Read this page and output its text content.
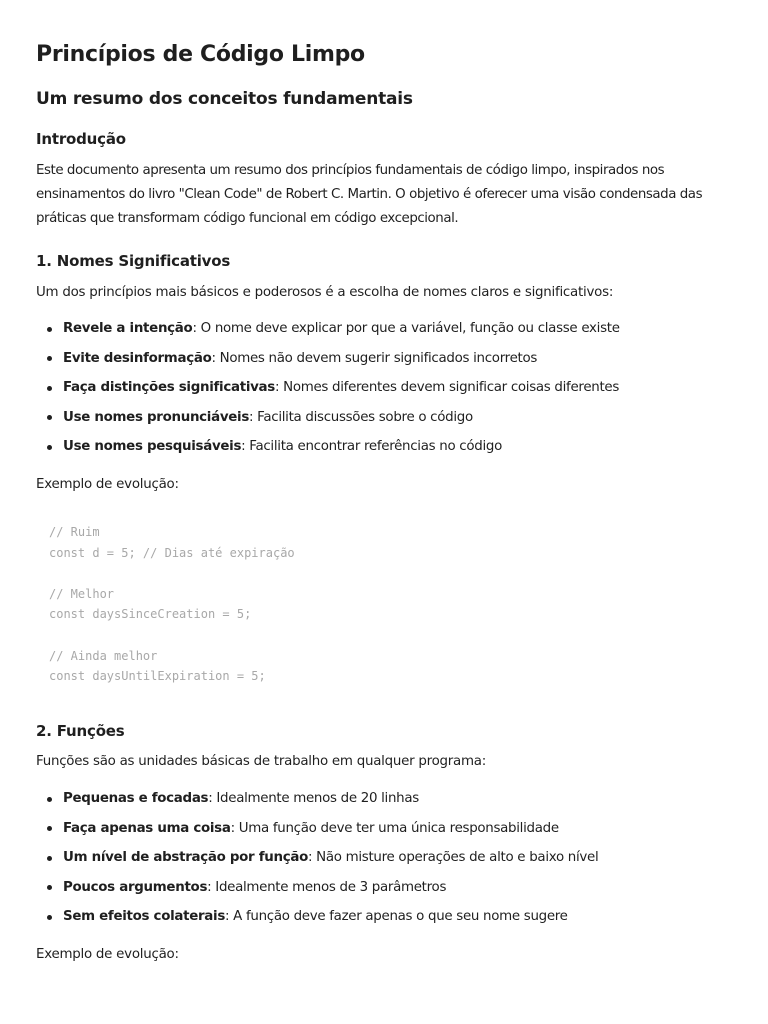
Princípios de Código Limpo
Um resumo dos conceitos fundamentais
Introdução

Este documento apresenta um resumo dos princípios fundamentais de código limpo, inspirados nos ensinamentos do livro "Clean Code" de Robert C. Martin. O objetivo é oferecer uma visão condensada das práticas que transformam código funcional em código excepcional.

1. Nomes Significativos

Um dos princípios mais básicos e poderosos é a escolha de nomes claros e significativos:

Revele a intenção: O nome deve explicar por que a variável, função ou classe existe
Evite desinformação: Nomes não devem sugerir significados incorretos
Faça distinções significativas: Nomes diferentes devem significar coisas diferentes
Use nomes pronunciáveis: Facilita discussões sobre o código
Use nomes pesquisáveis: Facilita encontrar referências no código

Exemplo de evolução:

// Ruim
const d = 5; // Dias até expiração
// Melhor
const daysSinceCreation = 5;
// Ainda melhor
const daysUntilExpiration = 5;
2. Funções

Funções são as unidades básicas de trabalho em qualquer programa:

Pequenas e focadas: Idealmente menos de 20 linhas
Faça apenas uma coisa: Uma função deve ter uma única responsabilidade
Um nível de abstração por função: Não misture operações de alto e baixo nível
Poucos argumentos: Idealmente menos de 3 parâmetros
Sem efeitos colaterais: A função deve fazer apenas o que seu nome sugere

Exemplo de evolução:
